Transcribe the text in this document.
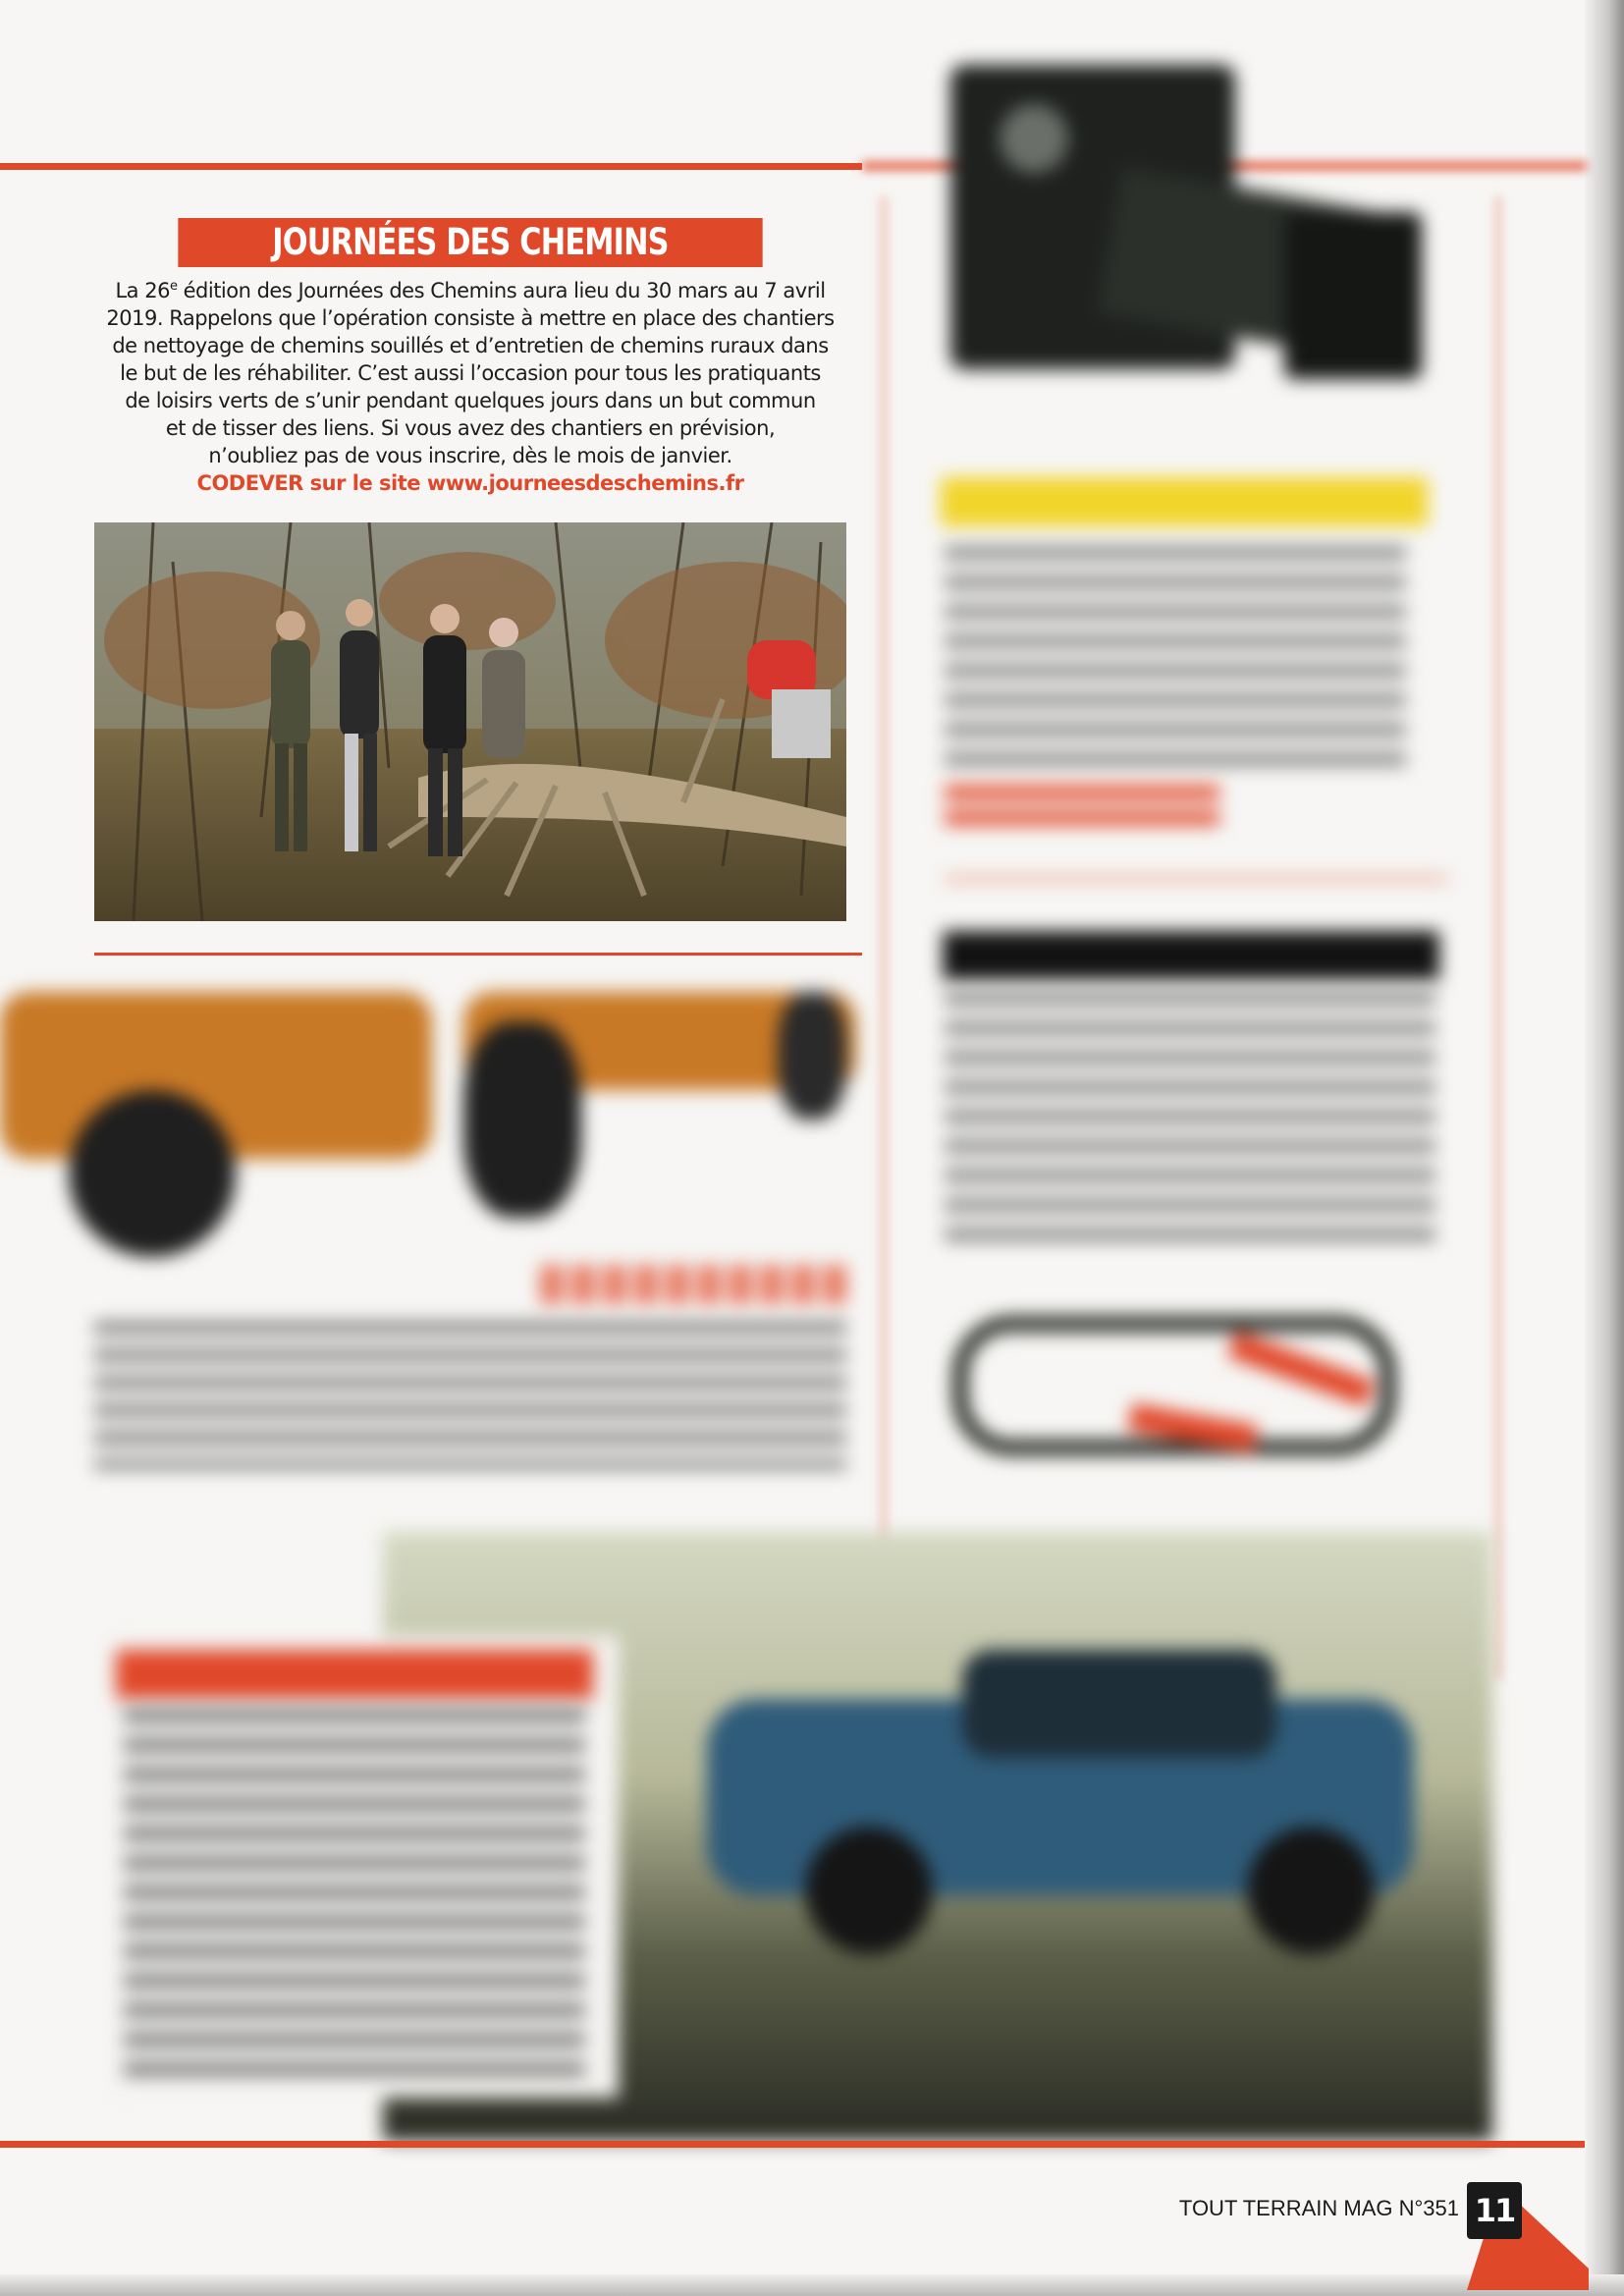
JOURNÉES DES CHEMINS
La 26e édition des Journées des Chemins aura lieu du 30 mars au 7 avril
2019. Rappelons que l’opération consiste à mettre en place des chantiers
de nettoyage de chemins souillés et d’entretien de chemins ruraux dans
le but de les réhabiliter. C’est aussi l’occasion pour tous les pratiquants
de loisirs verts de s’unir pendant quelques jours dans un but commun
et de tisser des liens. Si vous avez des chantiers en prévision,
n’oubliez pas de vous inscrire, dès le mois de janvier.
CODEVER sur le site www.journeesdeschemins.fr
TOUT TERRAIN MAG N°351 11
